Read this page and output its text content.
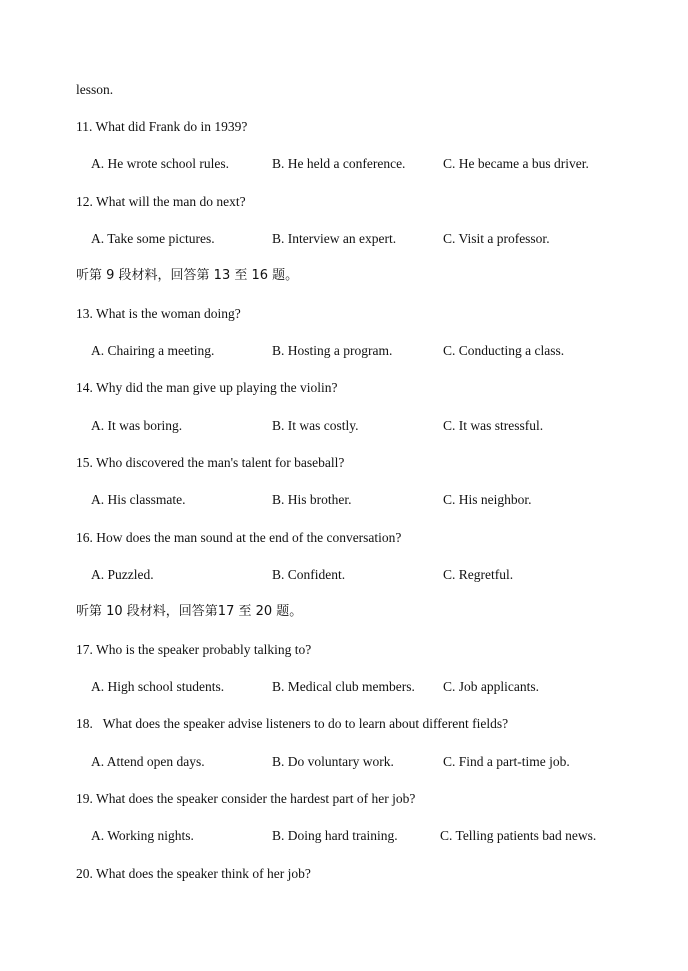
lesson.
11. What did Frank do in 1939?
A. He wrote school rules.	B. He held a conference.	C. He became a bus driver.
12. What will the man do next?
A. Take some pictures.	B. Interview an expert.	C. Visit a professor.
听第 9 段材料，回答第 13 至 16 题。
13. What is the woman doing?
A. Chairing a meeting.	B. Hosting a program.	C. Conducting a class.
14. Why did the man give up playing the violin?
A. It was boring.	B. It was costly.	C. It was stressful.
15. Who discovered the man's talent for baseball?
A. His classmate.	B. His brother.	C. His neighbor.
16. How does the man sound at the end of the conversation?
A. Puzzled.	B. Confident.	C. Regretful.
听第 10 段材料，回答第17 至 20 题。
17. Who is the speaker probably talking to?
A. High school students.	B. Medical club members. C. Job applicants.
18.   What does the speaker advise listeners to do to learn about different fields?
A. Attend open days.	B. Do voluntary work.	C. Find a part-time job.
19. What does the speaker consider the hardest part of her job?
A. Working nights.	B. Doing hard training.	C. Telling patients bad news.
20. What does the speaker think of her job?
